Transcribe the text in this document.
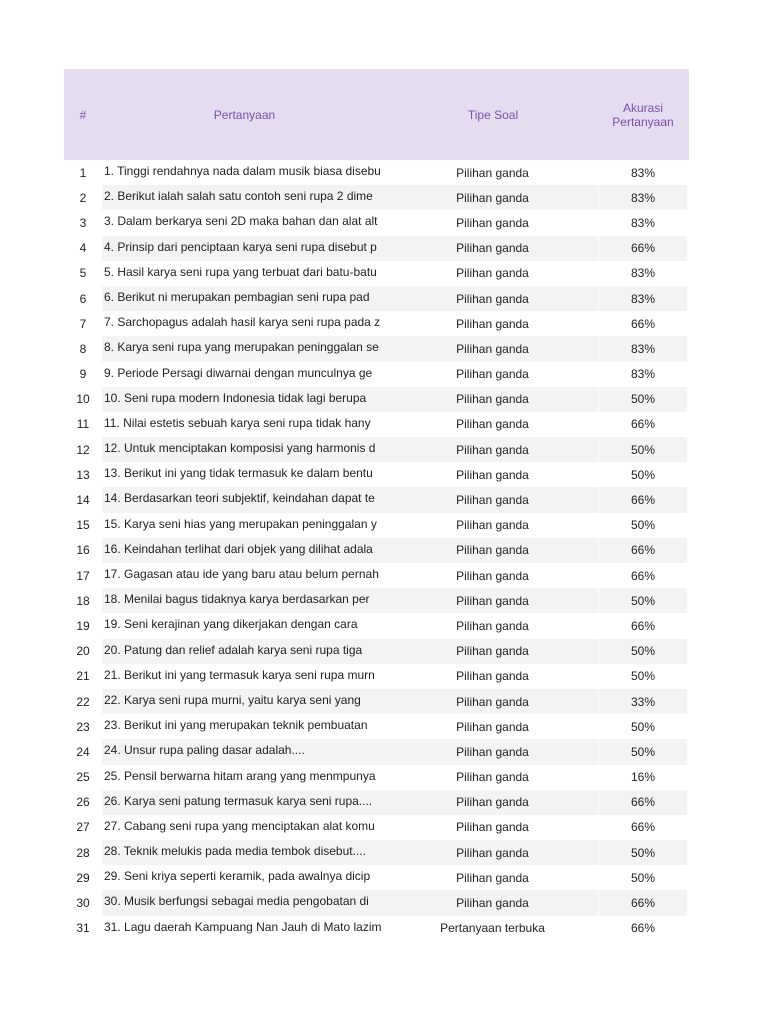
#	Pertanyaan	Tipe Soal	Akurasi
Pertanyaan
1	1. Tinggi rendahnya nada dalam musik biasa disebu	Pilihan ganda	83%
2	2. Berikut ialah salah satu contoh seni rupa 2 dime	Pilihan ganda	83%
3	3. Dalam berkarya seni 2D maka bahan dan alat alt	Pilihan ganda	83%
4	4. Prinsip dari penciptaan karya seni rupa disebut p	Pilihan ganda	66%
5	5. Hasil karya seni rupa yang terbuat dari batu-batu	Pilihan ganda	83%
6	6. Berikut ni merupakan pembagian seni rupa pad	Pilihan ganda	83%
7	7. Sarchopagus adalah hasil karya seni rupa pada z	Pilihan ganda	66%
8	8. Karya seni rupa yang merupakan peninggalan se	Pilihan ganda	83%
9	9. Periode Persagi diwarnai dengan munculnya ge	Pilihan ganda	83%
10	10. Seni rupa modern Indonesia tidak lagi berupa	Pilihan ganda	50%
11	11. Nilai estetis sebuah karya seni rupa tidak hany	Pilihan ganda	66%
12	12. Untuk menciptakan komposisi yang harmonis d	Pilihan ganda	50%
13	13. Berikut ini yang tidak termasuk ke dalam bentu	Pilihan ganda	50%
14	14. Berdasarkan teori subjektif, keindahan dapat te	Pilihan ganda	66%
15	15. Karya seni hias yang merupakan peninggalan y	Pilihan ganda	50%
16	16. Keindahan terlihat dari objek yang dilihat adala	Pilihan ganda	66%
17	17. Gagasan atau ide yang baru atau belum pernah	Pilihan ganda	66%
18	18. Menilai bagus tidaknya karya berdasarkan per	Pilihan ganda	50%
19	19. Seni kerajinan yang dikerjakan dengan cara	Pilihan ganda	66%
20	20. Patung dan relief adalah karya seni rupa tiga	Pilihan ganda	50%
21	21. Berikut ini yang termasuk karya seni rupa murn	Pilihan ganda	50%
22	22. Karya seni rupa murni, yaitu karya seni yang	Pilihan ganda	33%
23	23. Berikut ini yang merupakan teknik pembuatan	Pilihan ganda	50%
24	24. Unsur rupa paling dasar adalah....	Pilihan ganda	50%
25	25. Pensil berwarna hitam arang yang menmpunya	Pilihan ganda	16%
26	26. Karya seni patung termasuk karya seni rupa....	Pilihan ganda	66%
27	27. Cabang seni rupa yang menciptakan alat komu	Pilihan ganda	66%
28	28. Teknik melukis pada media tembok disebut....	Pilihan ganda	50%
29	29. Seni kriya seperti keramik, pada awalnya dicip	Pilihan ganda	50%
30	30. Musik berfungsi sebagai media pengobatan di	Pilihan ganda	66%
31	31. Lagu daerah Kampuang Nan Jauh di Mato lazim	Pertanyaan terbuka	66%
